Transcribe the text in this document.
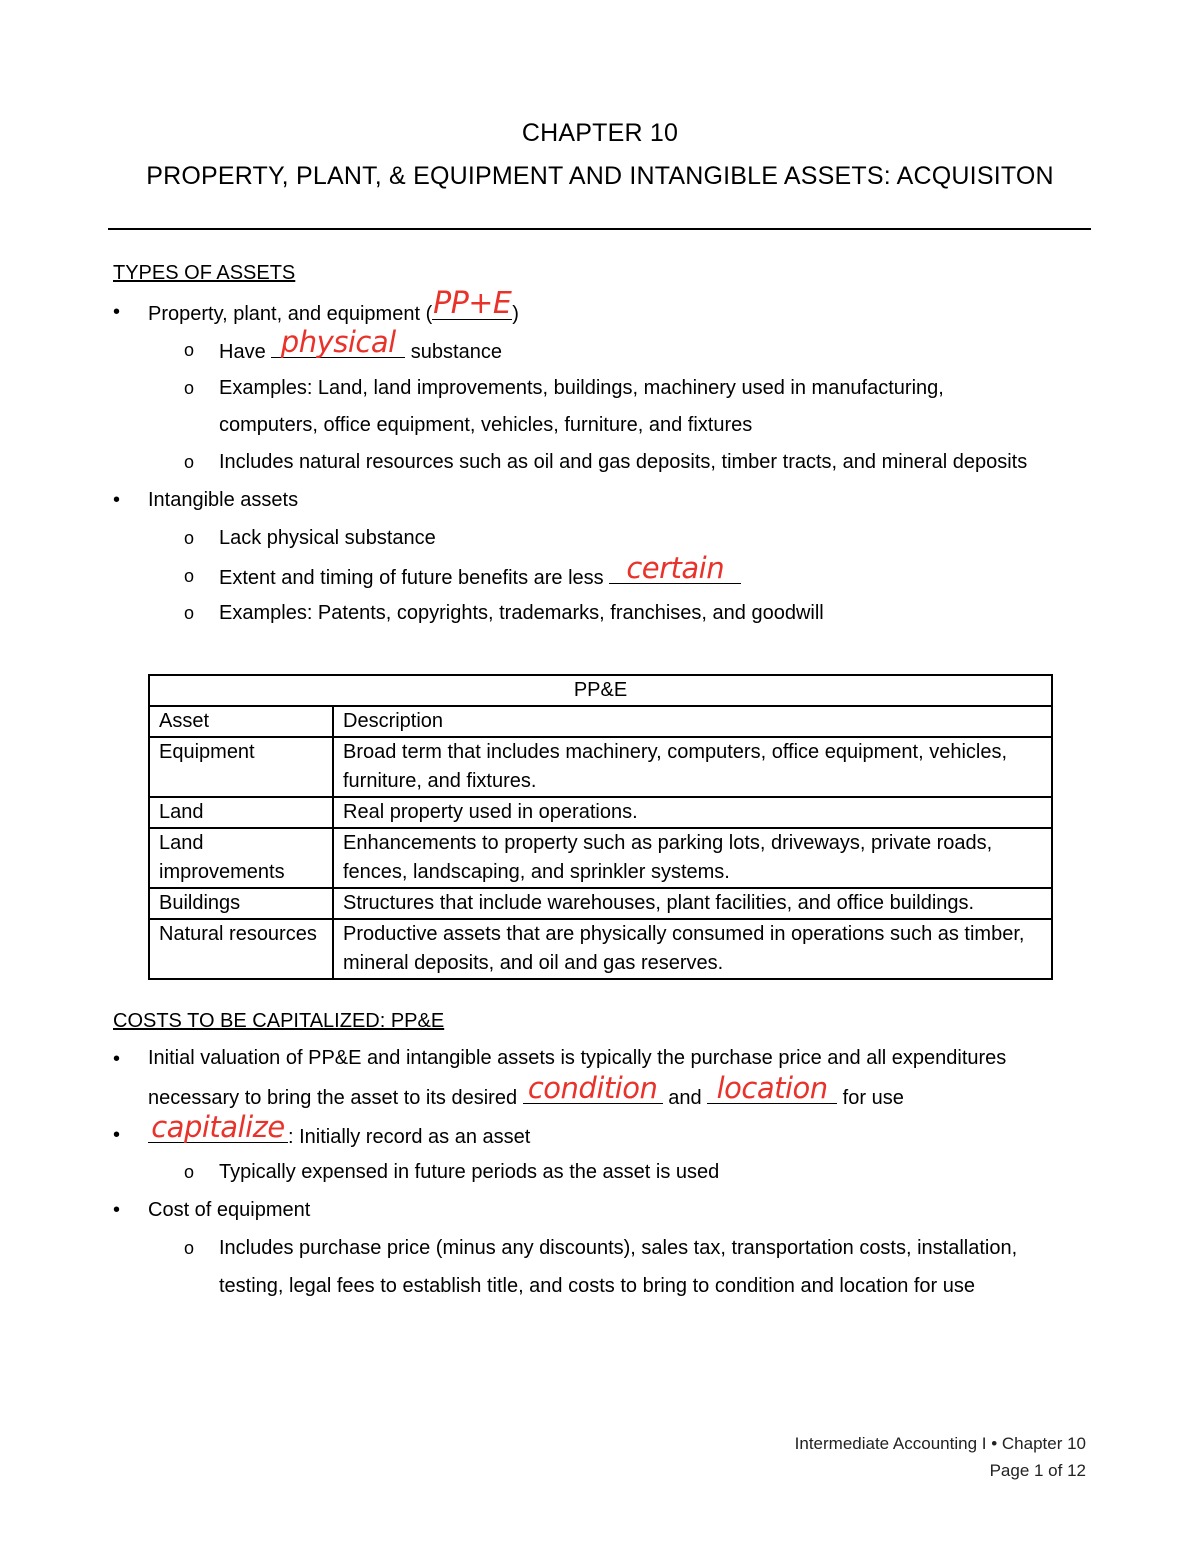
CHAPTER 10
PROPERTY, PLANT, & EQUIPMENT AND INTANGIBLE ASSETS: ACQUISITON
TYPES OF ASSETS
• Property, plant, and equipment ( PP+E )
o Have physical substance
o Examples: Land, land improvements, buildings, machinery used in manufacturing,
computers, office equipment, vehicles, furniture, and fixtures
o Includes natural resources such as oil and gas deposits, timber tracts, and mineral deposits
• Intangible assets
o Lack physical substance
o Extent and timing of future benefits are less certain
o Examples: Patents, copyrights, trademarks, franchises, and goodwill
PP&E	
Asset	Description
Equipment	Broad term that includes machinery, computers, office equipment, vehicles, furniture, and fixtures.
Land	Real property used in operations.
Land improvements	Enhancements to property such as parking lots, driveways, private roads, fences, landscaping, and sprinkler systems.
Buildings	Structures that include warehouses, plant facilities, and office buildings.
Natural resources	Productive assets that are physically consumed in operations such as timber, mineral deposits, and oil and gas reserves.
COSTS TO BE CAPITALIZED: PP&E
• Initial valuation of PP&E and intangible assets is typically the purchase price and all expenditures
necessary to bring the asset to its desired condition and location for use
• capitalize : Initially record as an asset
o Typically expensed in future periods as the asset is used
• Cost of equipment
o Includes purchase price (minus any discounts), sales tax, transportation costs, installation,
testing, legal fees to establish title, and costs to bring to condition and location for use
Intermediate Accounting I • Chapter 10
Page 1 of 12
